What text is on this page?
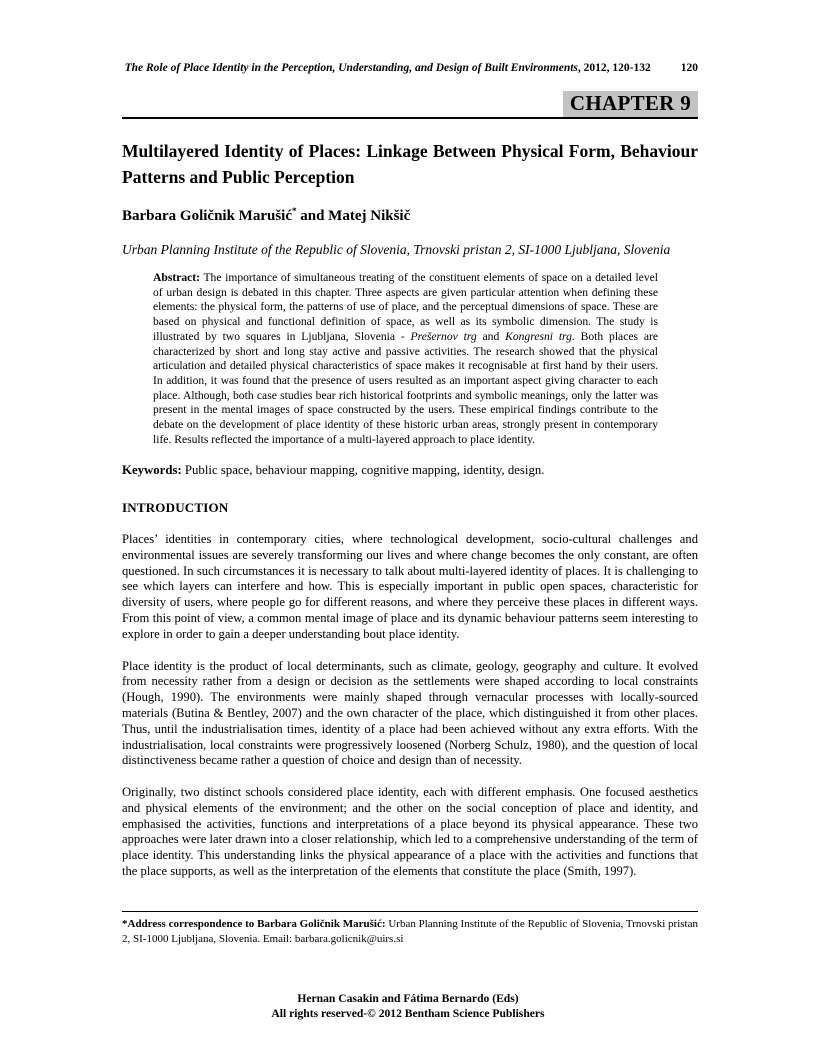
The Role of Place Identity in the Perception, Understanding, and Design of Built Environments, 2012, 120-132	120
CHAPTER 9
Multilayered Identity of Places: Linkage Between Physical Form, Behaviour Patterns and Public Perception
Barbara Goličnik Marušić* and Matej Nikšič
Urban Planning Institute of the Republic of Slovenia, Trnovski pristan 2, SI-1000 Ljubljana, Slovenia
Abstract: The importance of simultaneous treating of the constituent elements of space on a detailed level of urban design is debated in this chapter. Three aspects are given particular attention when defining these elements: the physical form, the patterns of use of place, and the perceptual dimensions of space. These are based on physical and functional definition of space, as well as its symbolic dimension. The study is illustrated by two squares in Ljubljana, Slovenia - Prešernov trg and Kongresni trg. Both places are characterized by short and long stay active and passive activities. The research showed that the physical articulation and detailed physical characteristics of space makes it recognisable at first hand by their users. In addition, it was found that the presence of users resulted as an important aspect giving character to each place. Although, both case studies bear rich historical footprints and symbolic meanings, only the latter was present in the mental images of space constructed by the users. These empirical findings contribute to the debate on the development of place identity of these historic urban areas, strongly present in contemporary life. Results reflected the importance of a multi-layered approach to place identity.
Keywords: Public space, behaviour mapping, cognitive mapping, identity, design.
INTRODUCTION

Places’ identities in contemporary cities, where technological development, socio-cultural challenges and environmental issues are severely transforming our lives and where change becomes the only constant, are often questioned. In such circumstances it is necessary to talk about multi-layered identity of places. It is challenging to see which layers can interfere and how. This is especially important in public open spaces, characteristic for diversity of users, where people go for different reasons, and where they perceive these places in different ways. From this point of view, a common mental image of place and its dynamic behaviour patterns seem interesting to explore in order to gain a deeper understanding bout place identity.

Place identity is the product of local determinants, such as climate, geology, geography and culture. It evolved from necessity rather from a design or decision as the settlements were shaped according to local constraints (Hough, 1990). The environments were mainly shaped through vernacular processes with locally-sourced materials (Butina & Bentley, 2007) and the own character of the place, which distinguished it from other places. Thus, until the industrialisation times, identity of a place had been achieved without any extra efforts. With the industrialisation, local constraints were progressively loosened (Norberg Schulz, 1980), and the question of local distinctiveness became rather a question of choice and design than of necessity.

Originally, two distinct schools considered place identity, each with different emphasis. One focused aesthetics and physical elements of the environment; and the other on the social conception of place and identity, and emphasised the activities, functions and interpretations of a place beyond its physical appearance. These two approaches were later drawn into a closer relationship, which led to a comprehensive understanding of the term of place identity. This understanding links the physical appearance of a place with the activities and functions that the place supports, as well as the interpretation of the elements that constitute the place (Smith, 1997).

*Address correspondence to Barbara Goličnik Marušić: Urban Planning Institute of the Republic of Slovenia, Trnovski pristan 2, SI-1000 Ljubljana, Slovenia. Email: barbara.golicnik@uirs.si
Hernan Casakin and Fátima Bernardo (Eds)
All rights reserved-© 2012 Bentham Science Publishers
